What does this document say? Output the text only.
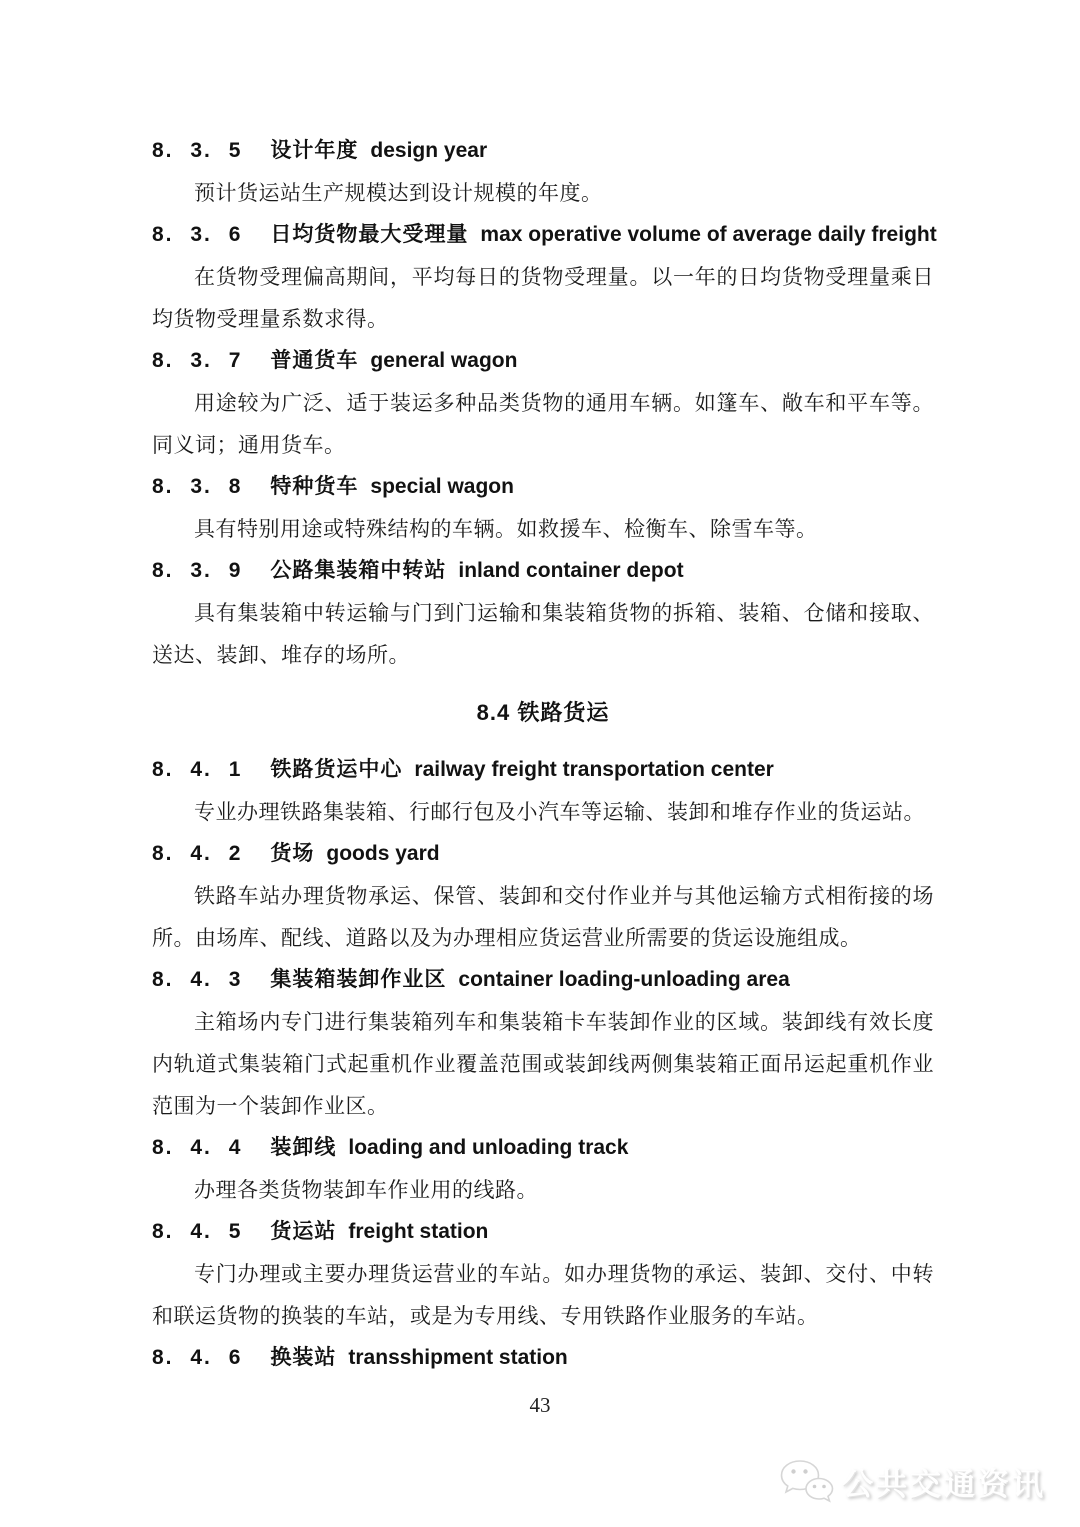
8. 3. 5 设计年度 design year

预计货运站生产规模达到设计规模的年度。

8. 3. 6 日均货物最大受理量 max operative volume of average daily freight

在货物受理偏高期间，平均每日的货物受理量。以一年的日均货物受理量乘日均货物受理量系数求得。

8. 3. 7 普通货车 general wagon

用途较为广泛、适于装运多种品类货物的通用车辆。如篷车、敞车和平车等。同义词；通用货车。

8. 3. 8 特种货车 special wagon

具有特别用途或特殊结构的车辆。如救援车、检衡车、除雪车等。

8. 3. 9 公路集装箱中转站 inland container depot

具有集装箱中转运输与门到门运输和集装箱货物的拆箱、装箱、仓储和接取、送达、装卸、堆存的场所。

8.4 铁路货运
8. 4. 1 铁路货运中心 railway freight transportation center

专业办理铁路集装箱、行邮行包及小汽车等运输、装卸和堆存作业的货运站。

8. 4. 2 货场 goods yard

铁路车站办理货物承运、保管、装卸和交付作业并与其他运输方式相衔接的场所。由场库、配线、道路以及为办理相应货运营业所需要的货运设施组成。

8. 4. 3 集装箱装卸作业区 container loading-unloading area

主箱场内专门进行集装箱列车和集装箱卡车装卸作业的区域。装卸线有效长度内轨道式集装箱门式起重机作业覆盖范围或装卸线两侧集装箱正面吊运起重机作业范围为一个装卸作业区。

8. 4. 4 装卸线 loading and unloading track

办理各类货物装卸车作业用的线路。

8. 4. 5 货运站 freight station

专门办理或主要办理货运营业的车站。如办理货物的承运、装卸、交付、中转和联运货物的换装的车站，或是为专用线、专用铁路作业服务的车站。

8. 4. 6 换装站 transshipment station
43
公共交通资讯
